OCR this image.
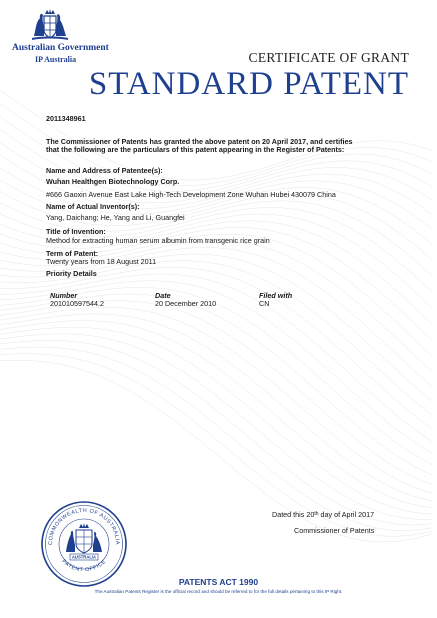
Australian Government
IP Australia	CERTIFICATE OF GRANT
STANDARD PATENT
2011348961
The Commissioner of Patents has granted the above patent on 20 April 2017, and certifies
that the following are the particulars of this patent appearing in the Register of Patents:
Name and Address of Patentee(s):
Wuhan Healthgen Biotechnology Corp.
#666 Gaoxin Avenue East Lake High-Tech Development Zone Wuhan Hubei 430079 China
Name of Actual Inventor(s):
Yang, Daichang; He, Yang and Li, Guangfei
Title of Invention:
Method for extracting human serum albumin from transgenic rice grain
Term of Patent:
Twenty years from 18 August 2011
Priority Details
Number	Date	Filed with
201010597544.2	20 December 2010	CN
Dated this 20th day of April 2017
Commissioner of Patents
COMMONWEALTH OF AUSTRALIA
PATENT OFFICE
AUSTRALIA
PATENTS ACT 1990
The Australian Patents Register is the official record and should be referred to for the full details pertaining to this IP Right.
